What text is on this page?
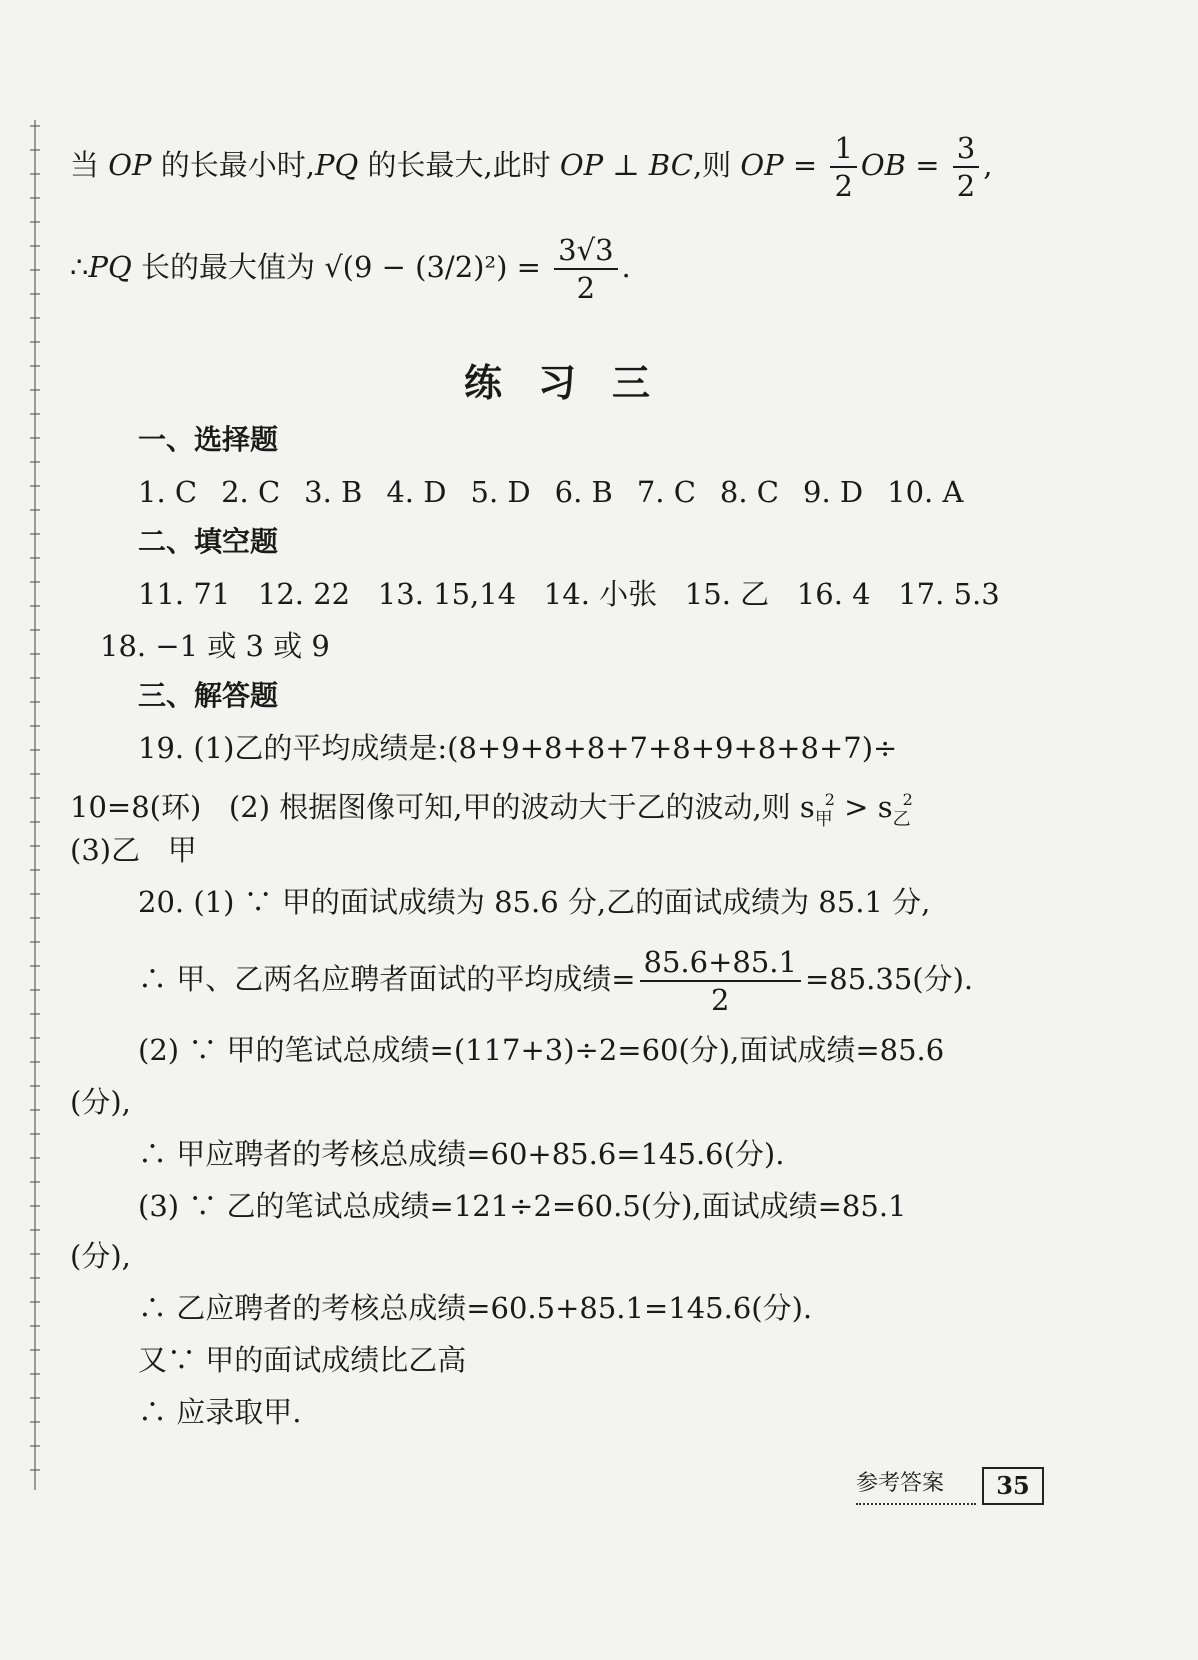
当 OP 的长最小时,PQ 的长最大,此时 OP ⊥ BC,则 OP = $\frac{1}{2}$ OB = $\frac{3}{2}$ ,
∴PQ 长的最大值为 $√(9 - (3/2)^2) = \frac{3√3}{2}$ .
练习三
一、选择题
1. C 2. C 3. B 4. D 5. D 6. B 7. C 8. C 9. D 10. A
二、填空题
11. 71   12. 22   13. 15,14   14. 小张   15. 乙   16. 4   17. 5.3
18. −1 或 3 或 9
三、解答题
19. (1)乙的平均成绩是:(8+9+8+8+7+8+9+8+8+7)÷
10=8(环)   (2) 根据图像可知,甲的波动大于乙的波动,则 $s_甲^2 > s_乙^2$
(3)乙   甲
20. (1) ∵ 甲的面试成绩为 85.6 分,乙的面试成绩为 85.1 分,
∴ 甲、乙两名应聘者面试的平均成绩= $\frac{85.6+85.1}{2} =85.35$(分).
(2) ∵ 甲的笔试总成绩=(117+3)÷2=60(分),面试成绩=85.6
(分),
∴ 甲应聘者的考核总成绩=60+85.6=145.6(分).
(3) ∵ 乙的笔试总成绩=121÷2=60.5(分),面试成绩=85.1
(分),
∴ 乙应聘者的考核总成绩=60.5+85.1=145.6(分).
又∵ 甲的面试成绩比乙高
∴ 应录取甲.
参考答案 35
